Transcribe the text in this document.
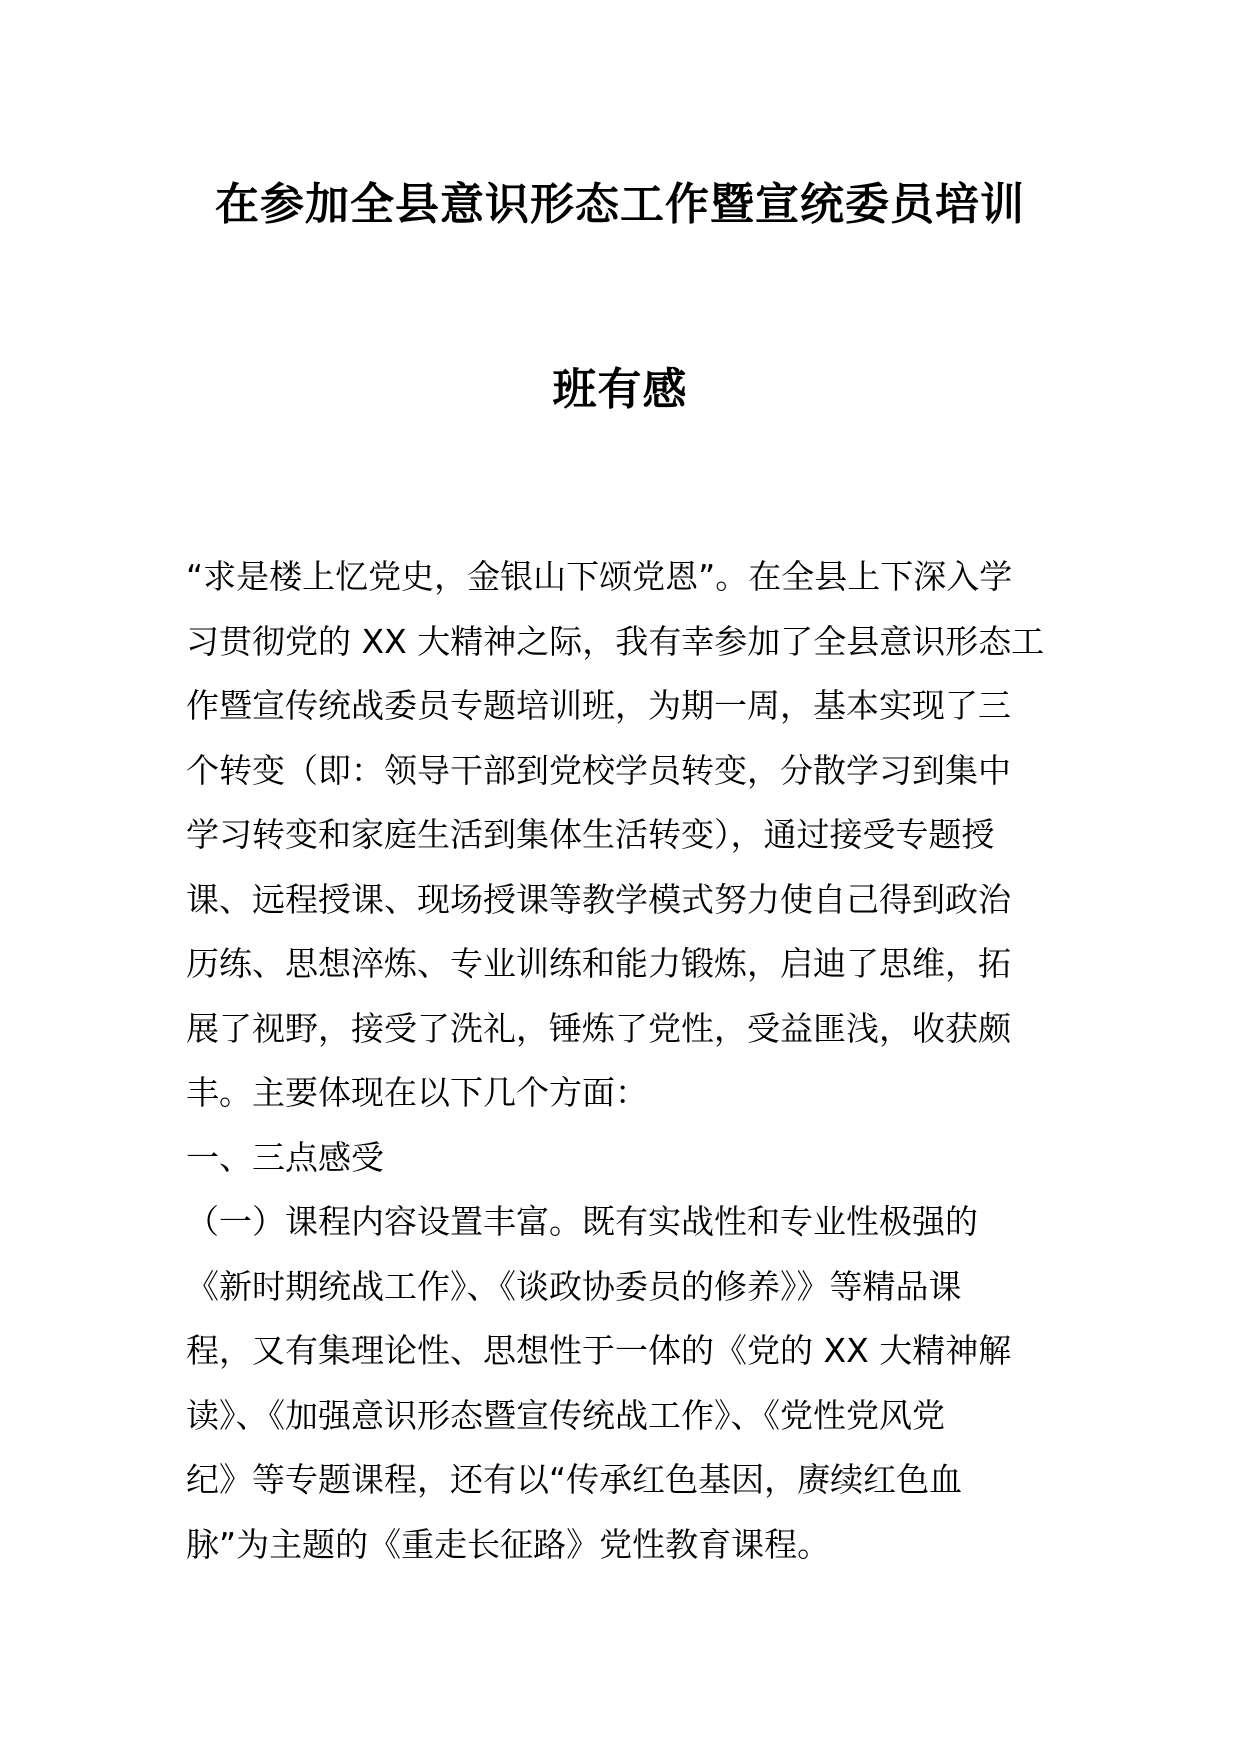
在参加全县意识形态工作暨宣统委员培训
班有感
“求是楼上忆党史，金银山下颂党恩”。在全县上下深入学
习贯彻党的 XX 大精神之际，我有幸参加了全县意识形态工
作暨宣传统战委员专题培训班，为期一周，基本实现了三
个转变（即：领导干部到党校学员转变，分散学习到集中
学习转变和家庭生活到集体生活转变），通过接受专题授
课、远程授课、现场授课等教学模式努力使自己得到政治
历练、思想淬炼、专业训练和能力锻炼，启迪了思维，拓
展了视野，接受了洗礼，锤炼了党性，受益匪浅，收获颇
丰。主要体现在以下几个方面：
一、三点感受
（一）课程内容设置丰富。既有实战性和专业性极强的
《新时期统战工作》、《谈政协委员的修养》》等精品课
程，又有集理论性、思想性于一体的《党的 XX 大精神解
读》、《加强意识形态暨宣传统战工作》、《党性党风党
纪》等专题课程，还有以“传承红色基因，赓续红色血
脉”为主题的《重走长征路》党性教育课程。
